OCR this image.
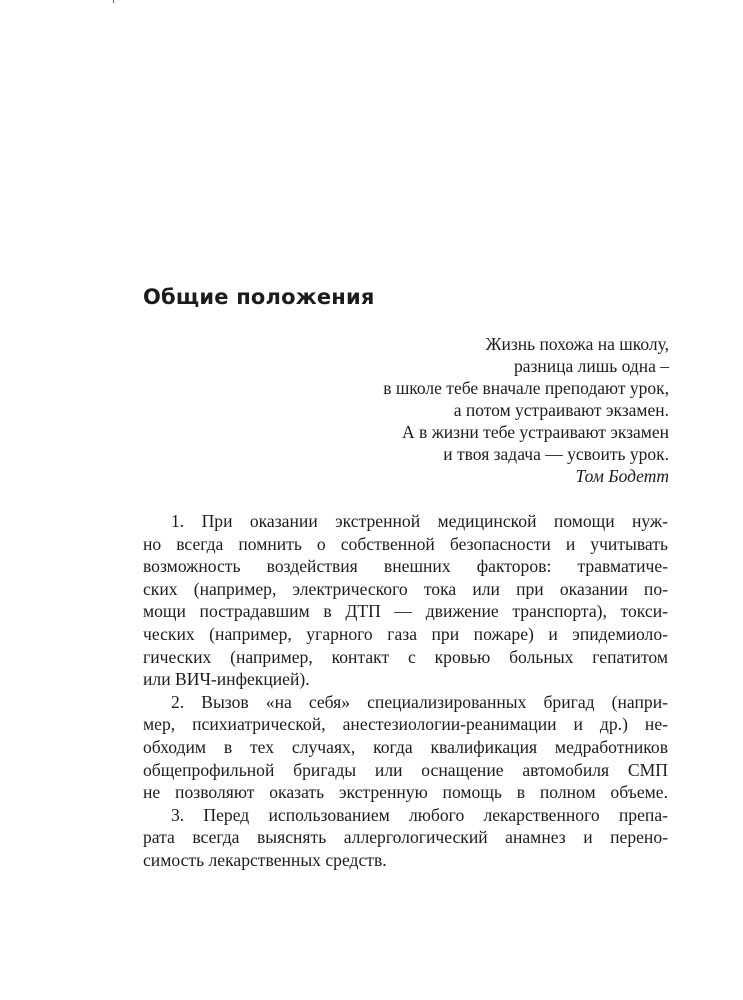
Общие положения
Жизнь похожа на школу,
разница лишь одна –
в школе тебе вначале преподают урок,
а потом устраивают экзамен.
А в жизни тебе устраивают экзамен
и твоя задача — усвоить урок.
Том Бодетт
1. При оказании экстренной медицинской помощи нуж-
но всегда помнить о собственной безопасности и учитывать
возможность воздействия внешних факторов: травматиче-
ских (например, электрического тока или при оказании по-
мощи пострадавшим в ДТП — движение транспорта), токси-
ческих (например, угарного газа при пожаре) и эпидемиоло-
гических (например, контакт с кровью больных гепатитом
или ВИЧ-инфекцией).
2. Вызов «на себя» специализированных бригад (напри-
мер, психиатрической, анестезиологии-реанимации и др.) не-
обходим в тех случаях, когда квалификация медработников
общепрофильной бригады или оснащение автомобиля СМП
не позволяют оказать экстренную помощь в полном объеме.
3. Перед использованием любого лекарственного препа-
рата всегда выяснять аллергологический анамнез и перено-
симость лекарственных средств.
